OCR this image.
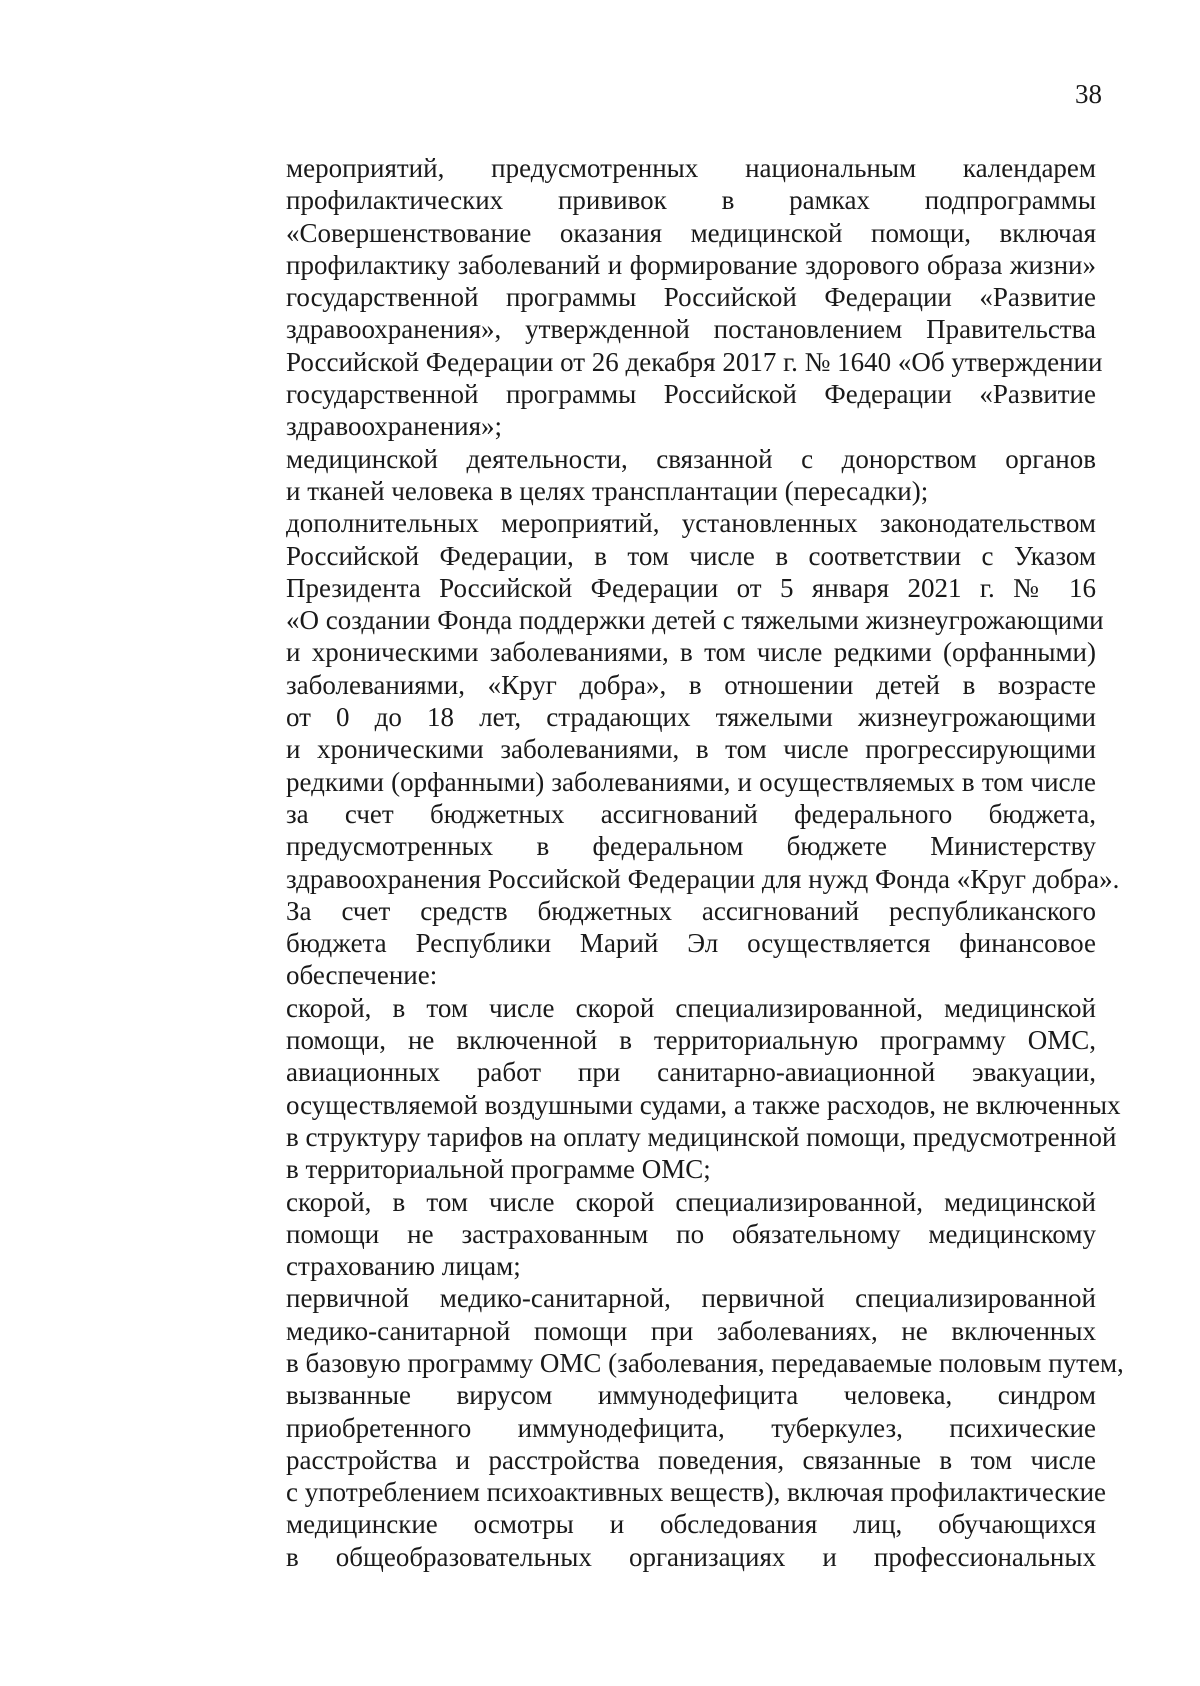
38

мероприятий, предусмотренных национальным календарем
профилактических прививок в рамках подпрограммы
«Совершенствование оказания медицинской помощи, включая
профилактику заболеваний и формирование здорового образа жизни»
государственной программы Российской Федерации «Развитие
здравоохранения», утвержденной постановлением Правительства
Российской Федерации от 26 декабря 2017 г. № 1640 «Об утверждении
государственной программы Российской Федерации «Развитие
здравоохранения»;

медицинской деятельности, связанной с донорством органов
и тканей человека в целях трансплантации (пересадки);

дополнительных мероприятий, установленных законодательством
Российской Федерации, в том числе в соответствии с Указом
Президента Российской Федерации от 5 января 2021 г. № 16
«О создании Фонда поддержки детей с тяжелыми жизнеугрожающими
и хроническими заболеваниями, в том числе редкими (орфанными)
заболеваниями, «Круг добра», в отношении детей в возрасте
от 0 до 18 лет, страдающих тяжелыми жизнеугрожающими
и хроническими заболеваниями, в том числе прогрессирующими
редкими (орфанными) заболеваниями, и осуществляемых в том числе
за счет бюджетных ассигнований федерального бюджета,
предусмотренных в федеральном бюджете Министерству
здравоохранения Российской Федерации для нужд Фонда «Круг добра».

За счет средств бюджетных ассигнований республиканского
бюджета Республики Марий Эл осуществляется финансовое
обеспечение:

скорой, в том числе скорой специализированной, медицинской
помощи, не включенной в территориальную программу ОМС,
авиационных работ при санитарно-авиационной эвакуации,
осуществляемой воздушными судами, а также расходов, не включенных
в структуру тарифов на оплату медицинской помощи, предусмотренной
в территориальной программе ОМС;

скорой, в том числе скорой специализированной, медицинской
помощи не застрахованным по обязательному медицинскому
страхованию лицам;

первичной медико-санитарной, первичной специализированной
медико-санитарной помощи при заболеваниях, не включенных
в базовую программу ОМС (заболевания, передаваемые половым путем,
вызванные вирусом иммунодефицита человека, синдром
приобретенного иммунодефицита, туберкулез, психические
расстройства и расстройства поведения, связанные в том числе
с употреблением психоактивных веществ), включая профилактические
медицинские осмотры и обследования лиц, обучающихся
в общеобразовательных организациях и профессиональных
